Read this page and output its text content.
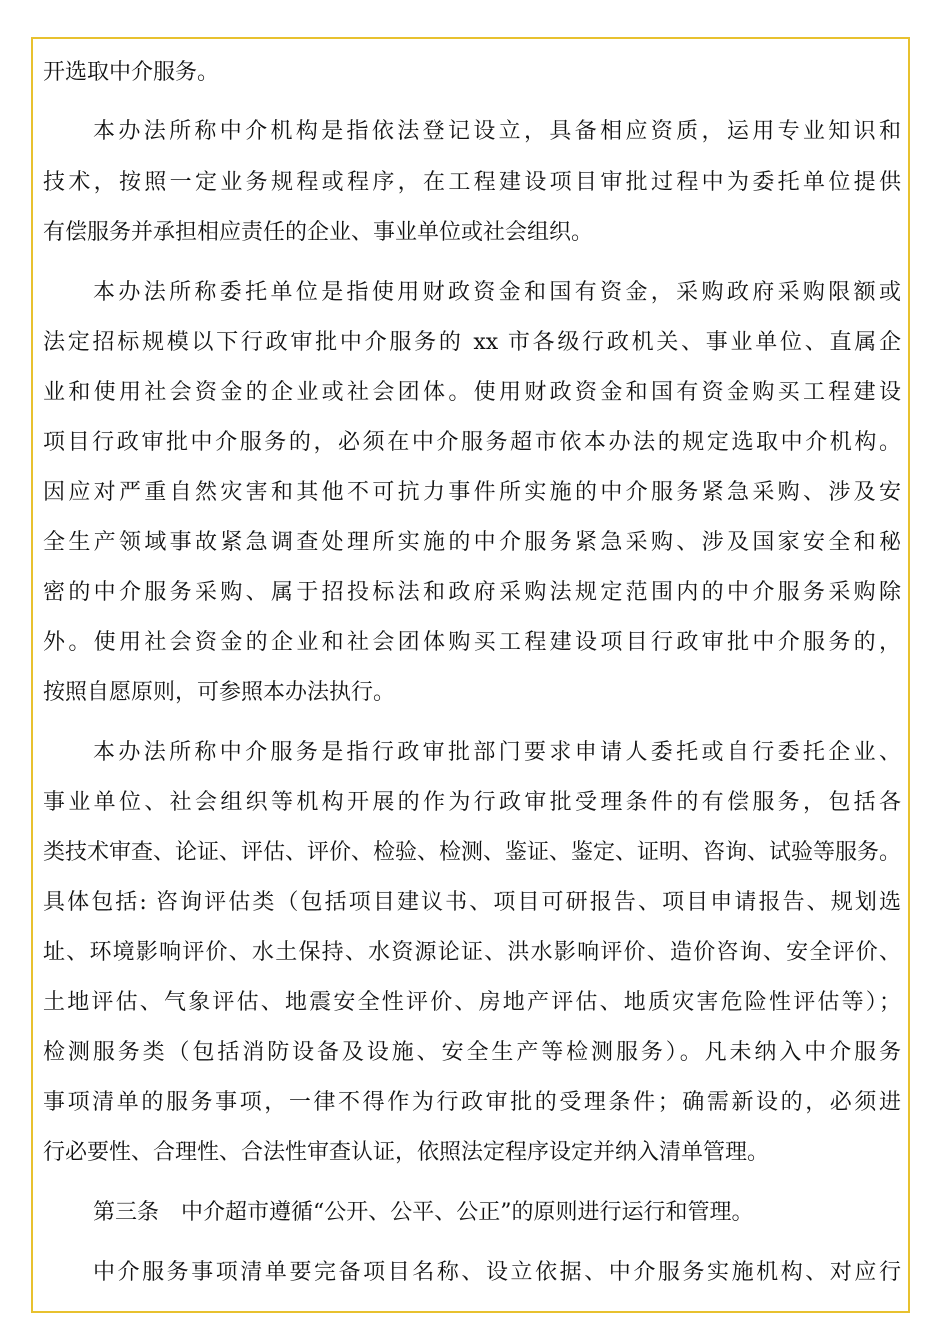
开选取中介服务。
本办法所称中介机构是指依法登记设立，具备相应资质，运用专业知识和
技术，按照一定业务规程或程序，在工程建设项目审批过程中为委托单位提供
有偿服务并承担相应责任的企业、事业单位或社会组织。
本办法所称委托单位是指使用财政资金和国有资金，采购政府采购限额或
法定招标规模以下行政审批中介服务的 xx 市各级行政机关、事业单位、直属企
业和使用社会资金的企业或社会团体。使用财政资金和国有资金购买工程建设
项目行政审批中介服务的，必须在中介服务超市依本办法的规定选取中介机构。
因应对严重自然灾害和其他不可抗力事件所实施的中介服务紧急采购、涉及安
全生产领域事故紧急调查处理所实施的中介服务紧急采购、涉及国家安全和秘
密的中介服务采购、属于招投标法和政府采购法规定范围内的中介服务采购除
外。使用社会资金的企业和社会团体购买工程建设项目行政审批中介服务的，
按照自愿原则，可参照本办法执行。
本办法所称中介服务是指行政审批部门要求申请人委托或自行委托企业、
事业单位、社会组织等机构开展的作为行政审批受理条件的有偿服务，包括各
类技术审查、论证、评估、评价、检验、检测、鉴证、鉴定、证明、咨询、试验等服务。
具体包括: 咨询评估类（包括项目建议书、项目可研报告、项目申请报告、规划选
址、环境影响评价、水土保持、水资源论证、洪水影响评价、造价咨询、安全评价、
土地评估、气象评估、地震安全性评价、房地产评估、地质灾害危险性评估等）；
检测服务类（包括消防设备及设施、安全生产等检测服务）。凡未纳入中介服务
事项清单的服务事项，一律不得作为行政审批的受理条件；确需新设的，必须进
行必要性、合理性、合法性审查认证，依照法定程序设定并纳入清单管理。
第三条　中介超市遵循“公开、公平、公正”的原则进行运行和管理。
中介服务事项清单要完备项目名称、设立依据、中介服务实施机构、对应行
